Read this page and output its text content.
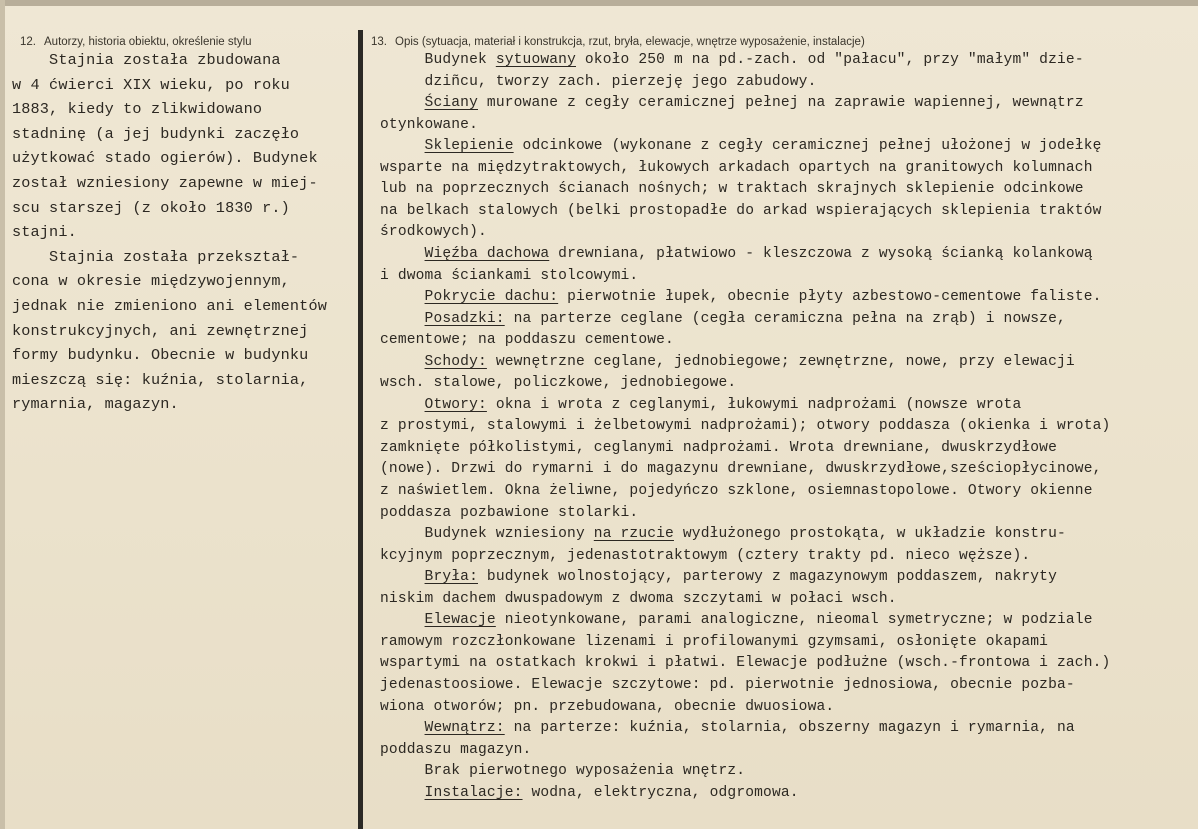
12. Autorzy, historia obiektu, określenie stylu	13. Opis (sytuacja, materiał i konstrukcja, rzut, bryła, elewacje, wnętrze wyposażenie, instalacje)
Stajnia została zbudowana
w 4 ćwierci XIX wieku, po roku
1883, kiedy to zlikwidowano
stadninę (a jej budynki zaczęło
użytkować stado ogierów). Budynek
został wzniesiony zapewne w miej-
scu starszej (z około 1830 r.)
stajni.
Stajnia została przekształ-
cona w okresie międzywojennym,
jednak nie zmieniono ani elementów
konstrukcyjnych, ani zewnętrznej
formy budynku. Obecnie w budynku
mieszczą się: kuźnia, stolarnia,
rymarnia, magazyn.
Budynek sytuowany około 250 m na pd.-zach. od "pałacu", przy "małym" dzie-
dziñcu, tworzy zach. pierzeję jego zabudowy.
Ściany murowane z cegły ceramicznej pełnej na zaprawie wapiennej, wewnątrz
otynkowane.
Sklepienie odcinkowe (wykonane z cegły ceramicznej pełnej ułożonej w jodełkę
wsparte na międzytraktowych, łukowych arkadach opartych na granitowych kolumnach
lub na poprzecznych ścianach nośnych; w traktach skrajnych sklepienie odcinkowe
na belkach stalowych (belki prostopadłe do arkad wspierających sklepienia traktów
środkowych).
Więźba dachowa drewniana, płatwiowo - kleszczowa z wysoką ścianką kolankową
i dwoma ściankami stolcowymi.
Pokrycie dachu: pierwotnie łupek, obecnie płyty azbestowo-cementowe faliste.
Posadzki: na parterze ceglane (cegła ceramiczna pełna na zrąb) i nowsze,
cementowe; na poddaszu cementowe.
Schody: wewnętrzne ceglane, jednobiegowe; zewnętrzne, nowe, przy elewacji
wsch. stalowe, policzkowe, jednobiegowe.
Otwory: okna i wrota z ceglanymi, łukowymi nadprożami (nowsze wrota
z prostymi, stalowymi i żelbetowymi nadprożami); otwory poddasza (okienka i wrota)
zamknięte półkolistymi, ceglanymi nadprożami. Wrota drewniane, dwuskrzydłowe
(nowe). Drzwi do rymarni i do magazynu drewniane, dwuskrzydłowe,sześciopłycinowe,
z naświetlem. Okna żeliwne, pojedyńczo szklone, osiemnastopolowe. Otwory okienne
poddasza pozbawione stolarki.
Budynek wzniesiony na rzucie wydłużonego prostokąta, w układzie konstru-
kcyjnym poprzecznym, jedenastotraktowym (cztery trakty pd. nieco węższe).
Bryła: budynek wolnostojący, parterowy z magazynowym poddaszem, nakryty
niskim dachem dwuspadowym z dwoma szczytami w połaci wsch.
Elewacje nieotynkowane, parami analogiczne, nieomal symetryczne; w podziale
ramowym rozczłonkowane lizenami i profilowanymi gzymsami, osłonięte okapami
wspartymi na ostatkach krokwi i płatwi. Elewacje podłużne (wsch.-frontowa i zach.)
jedenastoosiowe. Elewacje szczytowe: pd. pierwotnie jednosiowa, obecnie pozba-
wiona otworów; pn. przebudowana, obecnie dwuosiowa.
Wewnątrz: na parterze: kuźnia, stolarnia, obszerny magazyn i rymarnia, na
poddaszu magazyn.
Brak pierwotnego wyposażenia wnętrz.
Instalacje: wodna, elektryczna, odgromowa.
